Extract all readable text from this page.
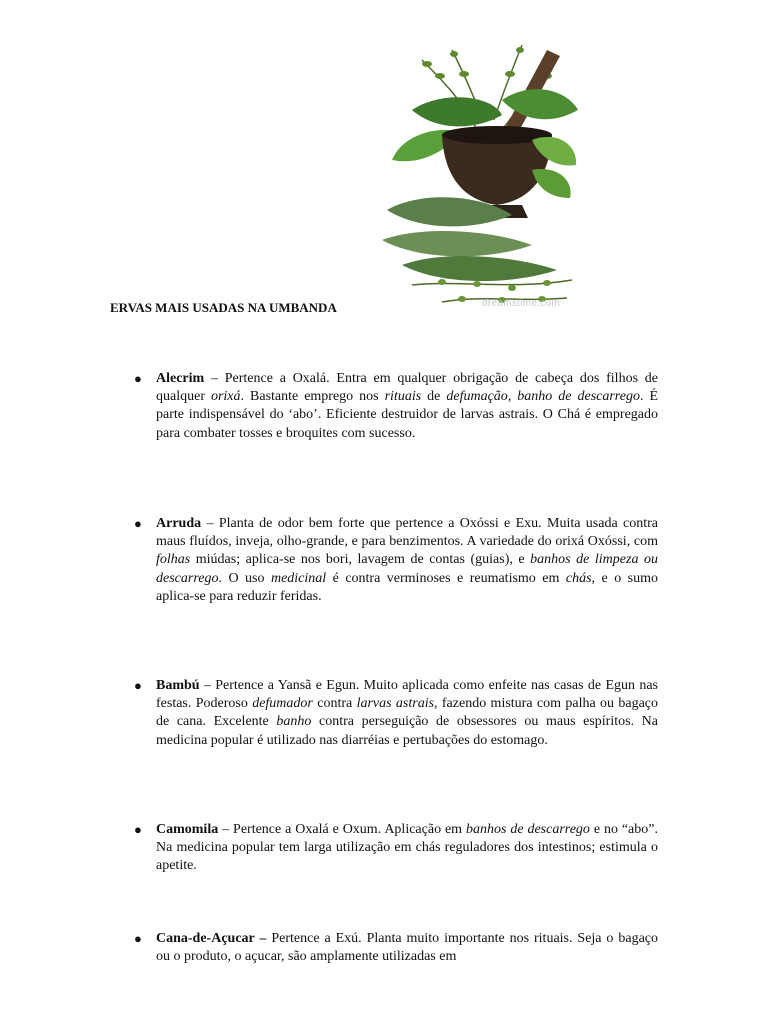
dreamstime.com
ERVAS MAIS USADAS NA UMBANDA
● Alecrim – Pertence a Oxalá. Entra em qualquer obrigação de cabeça dos filhos de qualquer orixá. Bastante emprego nos rituais de defumação, banho de descarrego. É parte indispensável do ‘abo’. Eficiente destruidor de larvas astrais. O Chá é empregado para combater tosses e broquites com sucesso.

● Arruda – Planta de odor bem forte que pertence a Oxóssi e Exu. Muita usada contra maus fluídos, inveja, olho-grande, e para benzimentos. A variedade do orixá Oxóssi, com folhas miúdas; aplica-se nos bori, lavagem de contas (guias), e banhos de limpeza ou descarrego. O uso medicinal é contra verminoses e reumatismo em chás, e o sumo aplica-se para reduzir feridas.

● Bambú – Pertence a Yansã e Egun. Muito aplicada como enfeite nas casas de Egun nas festas. Poderoso defumador contra larvas astrais, fazendo mistura com palha ou bagaço de cana. Excelente banho contra perseguição de obsessores ou maus espíritos. Na medicina popular é utilizado nas diarréias e pertubações do estomago.

● Camomila – Pertence a Oxalá e Oxum. Aplicação em banhos de descarrego e no “abo”. Na medicina popular tem larga utilização em chás reguladores dos intestinos; estimula o apetite.

● Cana-de-Açucar – Pertence a Exú. Planta muito importante nos rituais. Seja o bagaço ou o produto, o açucar, são amplamente utilizadas em
